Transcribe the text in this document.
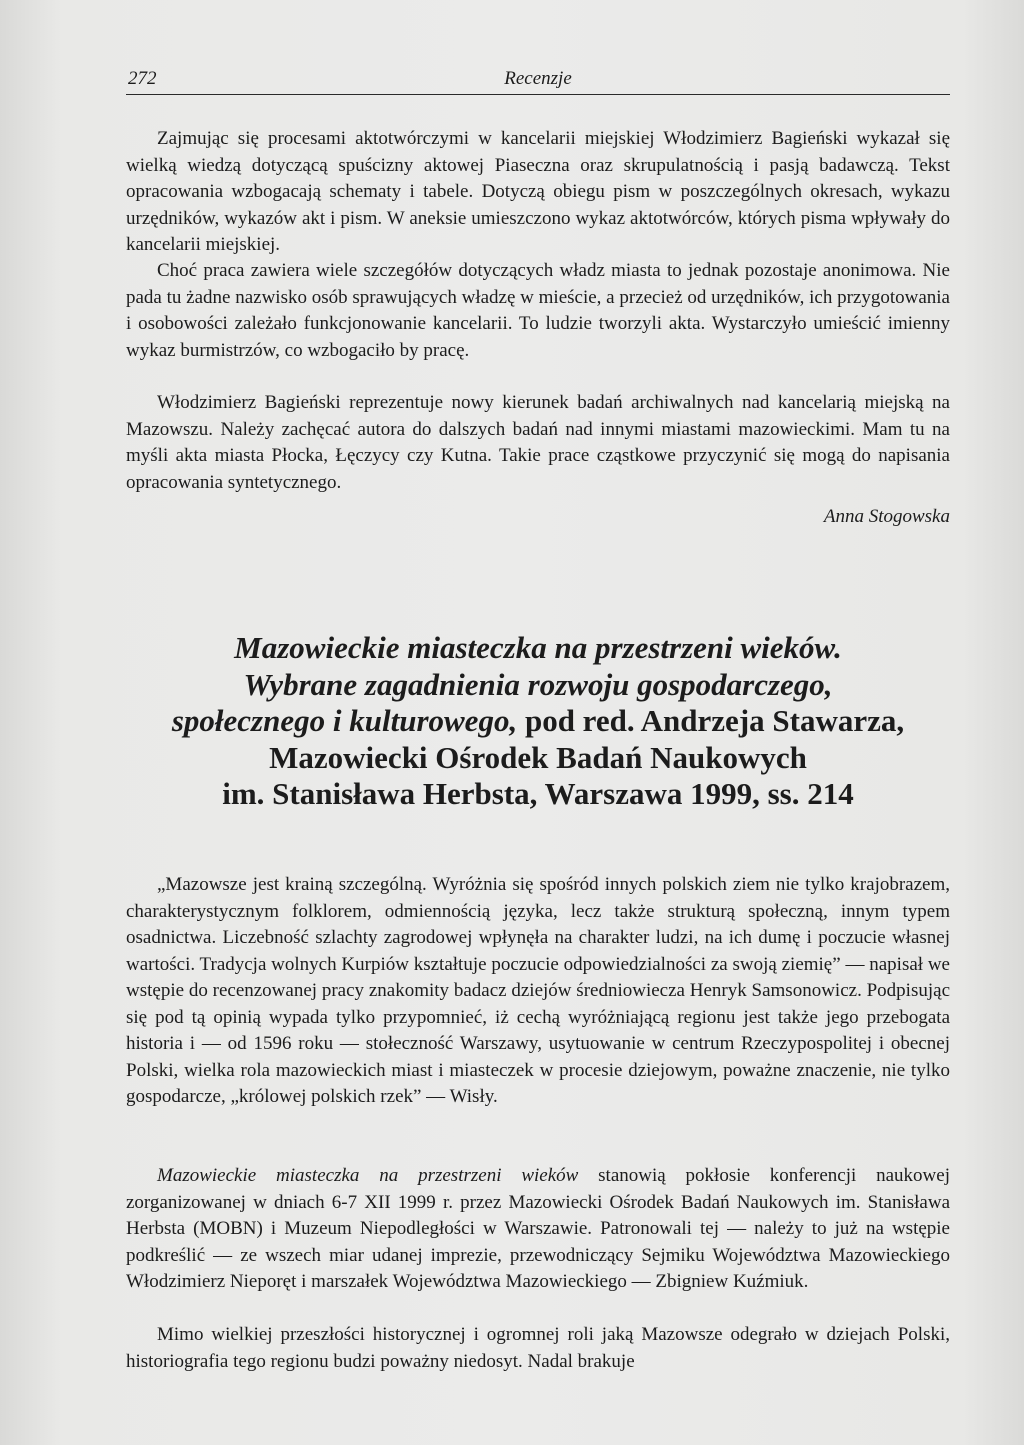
272	Recenzje

Zajmując się procesami aktotwórczymi w kancelarii miejskiej Włodzimierz Bagieński wykazał się wielką wiedzą dotyczącą spuścizny aktowej Piaseczna oraz skrupulatnością i pasją badawczą. Tekst opracowania wzbogacają schematy i tabele. Dotyczą obiegu pism w poszczególnych okresach, wykazu urzędników, wykazów akt i pism. W aneksie umieszczono wykaz aktotwórców, których pisma wpływały do kancelarii miejskiej.

Choć praca zawiera wiele szczegółów dotyczących władz miasta to jednak pozostaje anonimowa. Nie pada tu żadne nazwisko osób sprawujących władzę w mieście, a przecież od urzędników, ich przygotowania i osobowości zależało funkcjonowanie kancelarii. To ludzie tworzyli akta. Wystarczyło umieścić imienny wykaz burmistrzów, co wzbogaciło by pracę.

Włodzimierz Bagieński reprezentuje nowy kierunek badań archiwalnych nad kancelarią miejską na Mazowszu. Należy zachęcać autora do dalszych badań nad innymi miastami mazowieckimi. Mam tu na myśli akta miasta Płocka, Łęczycy czy Kutna. Takie prace cząstkowe przyczynić się mogą do napisania opracowania syntetycznego.

Anna Stogowska
Mazowieckie miasteczka na przestrzeni wieków.
Wybrane zagadnienia rozwoju gospodarczego,
społecznego i kulturowego, pod red. Andrzeja Stawarza,
Mazowiecki Ośrodek Badań Naukowych
im. Stanisława Herbsta, Warszawa 1999, ss. 214

„Mazowsze jest krainą szczególną. Wyróżnia się spośród innych polskich ziem nie tylko krajobrazem, charakterystycznym folklorem, odmiennością języka, lecz także strukturą społeczną, innym typem osadnictwa. Liczebność szlachty zagrodowej wpłynęła na charakter ludzi, na ich dumę i poczucie własnej wartości. Tradycja wolnych Kurpiów kształtuje poczucie odpowiedzialności za swoją ziemię” — napisał we wstępie do recenzowanej pracy znakomity badacz dziejów średniowiecza Henryk Samsonowicz. Podpisując się pod tą opinią wypada tylko przypomnieć, iż cechą wyróżniającą regionu jest także jego przebogata historia i — od 1596 roku — stołeczność Warszawy, usytuowanie w centrum Rzeczypospolitej i obecnej Polski, wielka rola mazowieckich miast i miasteczek w procesie dziejowym, poważne znaczenie, nie tylko gospodarcze, „królowej polskich rzek” — Wisły.

Mazowieckie miasteczka na przestrzeni wieków stanowią pokłosie konferencji naukowej zorganizowanej w dniach 6-7 XII 1999 r. przez Mazowiecki Ośrodek Badań Naukowych im. Stanisława Herbsta (MOBN) i Muzeum Niepodległości w Warszawie. Patronowali tej — należy to już na wstępie podkreślić — ze wszech miar udanej imprezie, przewodniczący Sejmiku Województwa Mazowieckiego Włodzimierz Nieporęt i marszałek Województwa Mazowieckiego — Zbigniew Kuźmiuk.

Mimo wielkiej przeszłości historycznej i ogromnej roli jaką Mazowsze odegrało w dziejach Polski, historiografia tego regionu budzi poważny niedosyt. Nadal brakuje
